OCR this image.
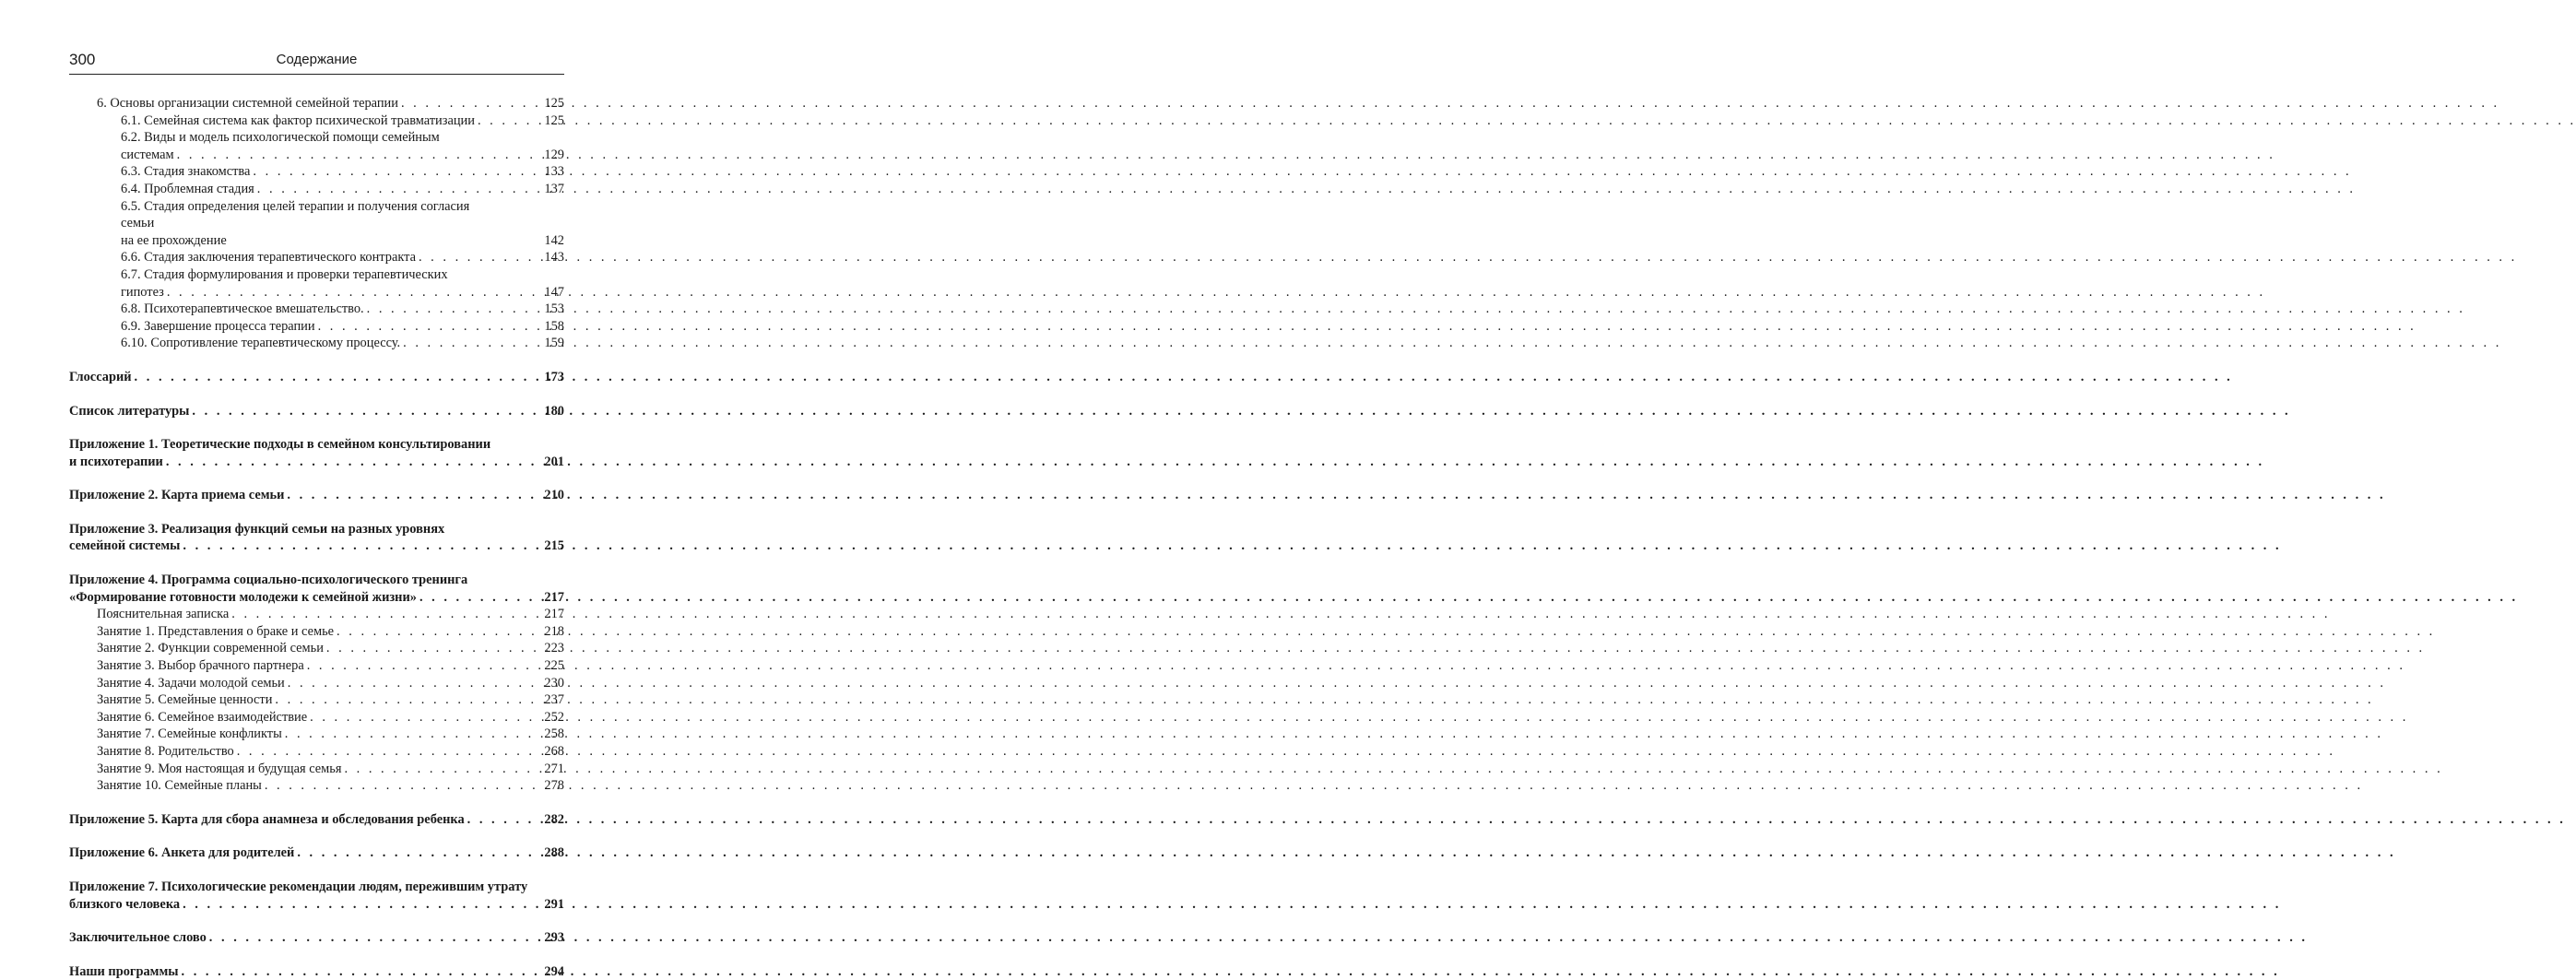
300	Содержание
6. Основы организации системной семейной терапии . . .	125
6.1. Семейная система как фактор психической травматизации . . .	125
6.2. Виды и модель психологической помощи семейным
системам . . .	129
6.3. Стадия знакомства . . .	133
6.4. Проблемная стадия . . .	137
6.5. Стадия определения целей терапии и получения согласия
семьи
на ее прохождение	142
6.6. Стадия заключения терапевтического контракта . . .	143
6.7. Стадия формулирования и проверки терапевтических
гипотез . . .	147
6.8. Психотерапевтическое вмешательство. . . .	153
6.9. Завершение процесса терапии . . .	158
6.10. Сопротивление терапевтическому процессу. . . .	159
Глоссарий . . .	173
Список литературы . . .	180
Приложение 1. Теоретические подходы в семейном консультировании
и психотерапии . . .	201
Приложение 2. Карта приема семьи . . .	210
Приложение 3. Реализация функций семьи на разных уровнях
семейной системы . . .	215
Приложение 4. Программа социально-психологического тренинга
«Формирование готовности молодежи к семейной жизни» . . .	217
Пояснительная записка . . .	217
Занятие 1. Представления о браке и семье . . .	218
Занятие 2. Функции современной семьи . . .	223
Занятие 3. Выбор брачного партнера . . .	225
Занятие 4. Задачи молодой семьи . . .	230
Занятие 5. Семейные ценности . . .	237
Занятие 6. Семейное взаимодействие . . .	252
Занятие 7. Семейные конфликты . . .	258
Занятие 8. Родительство . . .	268
Занятие 9. Моя настоящая и будущая семья . . .	271
Занятие 10. Семейные планы . . .	278
Приложение 5. Карта для сбора анамнеза и обследования ребенка . . .	282
Приложение 6. Анкета для родителей . . .	288
Приложение 7. Психологические рекомендации людям, пережившим утрату
близкого человека . . .	291
Заключительное слово . . .	293
Наши программы . . .	294
